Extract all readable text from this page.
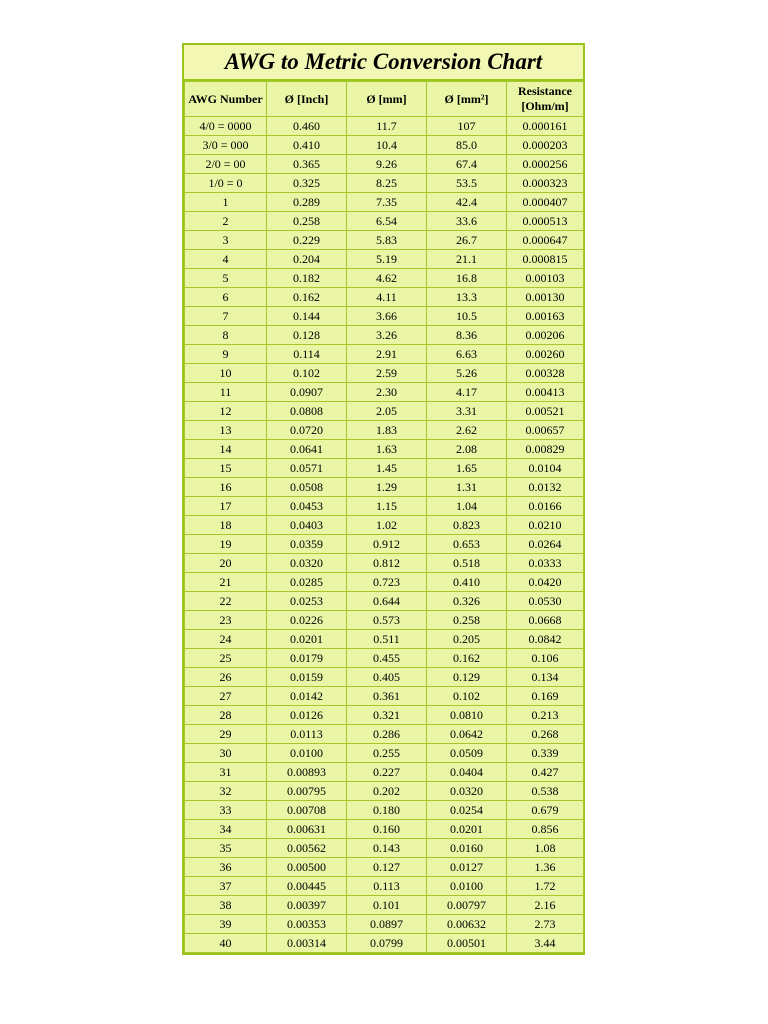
AWG to Metric Conversion Chart
AWG Number	Ø [Inch]	Ø [mm]	Ø [mm²]	Resistance [Ohm/m]
4/0 = 0000	0.460	11.7	107	0.000161
3/0 = 000	0.410	10.4	85.0	0.000203
2/0 = 00	0.365	9.26	67.4	0.000256
1/0 = 0	0.325	8.25	53.5	0.000323
1	0.289	7.35	42.4	0.000407
2	0.258	6.54	33.6	0.000513
3	0.229	5.83	26.7	0.000647
4	0.204	5.19	21.1	0.000815
5	0.182	4.62	16.8	0.00103
6	0.162	4.11	13.3	0.00130
7	0.144	3.66	10.5	0.00163
8	0.128	3.26	8.36	0.00206
9	0.114	2.91	6.63	0.00260
10	0.102	2.59	5.26	0.00328
11	0.0907	2.30	4.17	0.00413
12	0.0808	2.05	3.31	0.00521
13	0.0720	1.83	2.62	0.00657
14	0.0641	1.63	2.08	0.00829
15	0.0571	1.45	1.65	0.0104
16	0.0508	1.29	1.31	0.0132
17	0.0453	1.15	1.04	0.0166
18	0.0403	1.02	0.823	0.0210
19	0.0359	0.912	0.653	0.0264
20	0.0320	0.812	0.518	0.0333
21	0.0285	0.723	0.410	0.0420
22	0.0253	0.644	0.326	0.0530
23	0.0226	0.573	0.258	0.0668
24	0.0201	0.511	0.205	0.0842
25	0.0179	0.455	0.162	0.106
26	0.0159	0.405	0.129	0.134
27	0.0142	0.361	0.102	0.169
28	0.0126	0.321	0.0810	0.213
29	0.0113	0.286	0.0642	0.268
30	0.0100	0.255	0.0509	0.339
31	0.00893	0.227	0.0404	0.427
32	0.00795	0.202	0.0320	0.538
33	0.00708	0.180	0.0254	0.679
34	0.00631	0.160	0.0201	0.856
35	0.00562	0.143	0.0160	1.08
36	0.00500	0.127	0.0127	1.36
37	0.00445	0.113	0.0100	1.72
38	0.00397	0.101	0.00797	2.16
39	0.00353	0.0897	0.00632	2.73
40	0.00314	0.0799	0.00501	3.44
